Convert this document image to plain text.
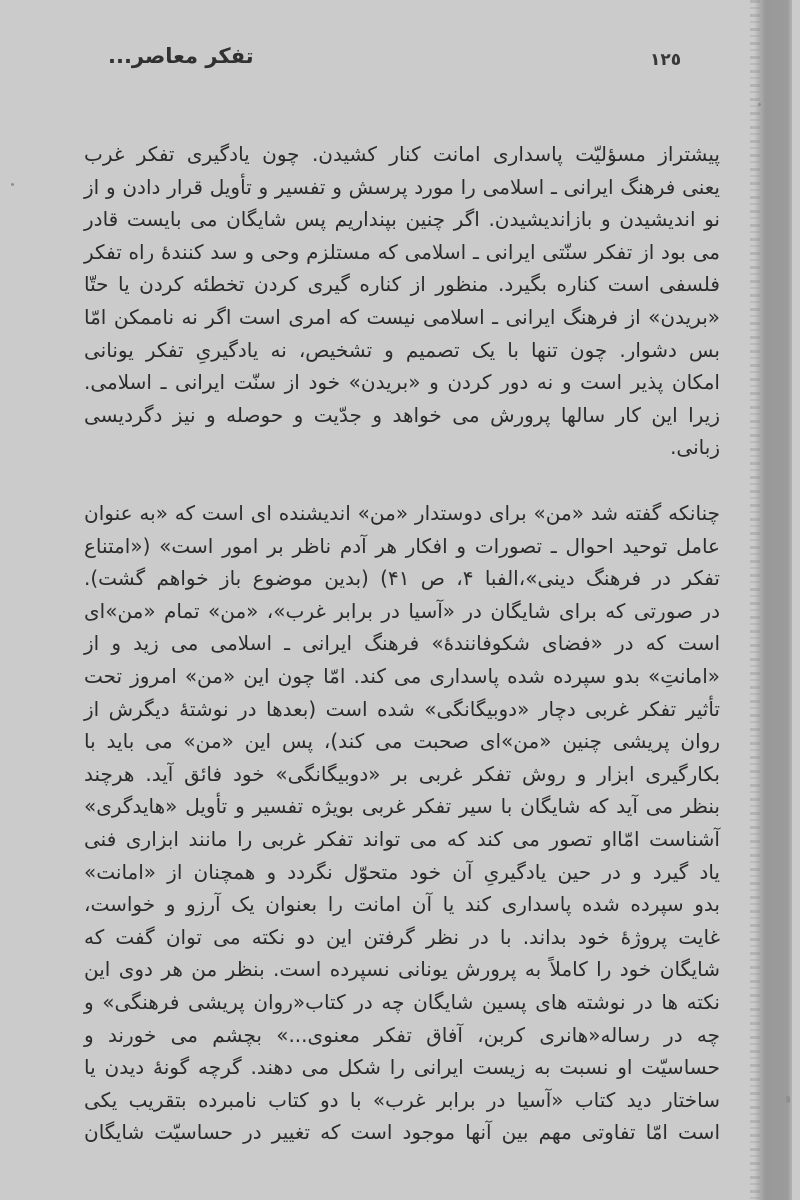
تفکر معاصر...	١٢٥
پیشتراز مسؤلیّت پاسداری امانت کنار کشیدن. چون یادگیری تفکر غرب
یعنی فرهنگ ایرانی ـ اسلامی را مورد پرسش و تفسیر و تأویل قرار دادن و از
نو اندیشیدن و بازاندیشیدن. اگر چنین بپنداریم پس شایگان می بایست قادر
می بود از تفکر سنّتی ایرانی ـ اسلامی که مستلزم وحی و سد کنندهٔ راه تفکر
فلسفی است کناره بگیرد. منظور از کناره گیری کردن تخطئه کردن یا حتّا
«بریدن» از فرهنگ ایرانی ـ اسلامی نیست که امری است اگر نه ناممکن امّا
بس دشوار. چون تنها با یک تصمیم و تشخیص، نه یادگیریِ تفکر یونانی
امکان پذیر است و نه دور کردن و «بریدن» خود از سنّت ایرانی ـ اسلامی.
زیرا این کار سالها پرورش می خواهد و جدّیت و حوصله و نیز دگردیسی
زبانی.
چنانکه گفته شد «من» برای دوستدار «من» اندیشنده ای است که «به عنوان
عامل توحید احوال ـ تصورات و افکار هر آدم ناظر بر امور است» («امتناع
تفکر در فرهنگ دینی»،الفبا ۴، ص ۴۱) (بدین موضوع باز خواهم گشت).
در صورتی که برای شایگان در «آسیا در برابر غرب»، «من» تمام «من»ای
است که در «فضای شکوفانندهٔ» فرهنگ ایرانی ـ اسلامی می زید و از
«امانتِ» بدو سپرده شده پاسداری می کند. امّا چون این «من» امروز تحت
تأثیر تفکر غربی دچار «دوبیگانگی» شده است (بعدها در نوشتهٔ دیگرش از
روان پریشی چنین «من»ای صحبت می کند)، پس این «من» می باید با
بکارگیری ابزار و روش تفکر غربی بر «دوبیگانگی» خود فائق آید. هرچند
بنظر می آید که شایگان با سیر تفکر غربی بویژه تفسیر و تأویل «هایدگری»
آشناست امّااو تصور می کند که می تواند تفکر غربی را مانند ابزاری فنی
یاد گیرد و در حین یادگیریِ آن خود متحوّل نگردد و همچنان از «امانت»
بدو سپرده شده پاسداری کند یا آن امانت را بعنوان یک آرزو و خواست،
غایت پروژهٔ خود بداند. با در نظر گرفتن این دو نکته می توان گفت که
شایگان خود را کاملاً به پرورش یونانی نسپرده است. بنظر من هر دوی این
نکته ها در نوشته های پسین شایگان چه در کتاب«روان پریشی فرهنگی» و
چه در رساله«هانری کربن، آفاق تفکر معنوی...» بچشم می خورند و
حساسیّت او نسبت به زیست ایرانی را شکل می دهند. گرچه گونهٔ دیدن یا
ساختار دید کتاب «آسیا در برابر غرب» با دو کتاب نامبرده بتقریب یکی
است امّا تفاوتی مهم بین آنها موجود است که تغییر در حساسیّت شایگان
